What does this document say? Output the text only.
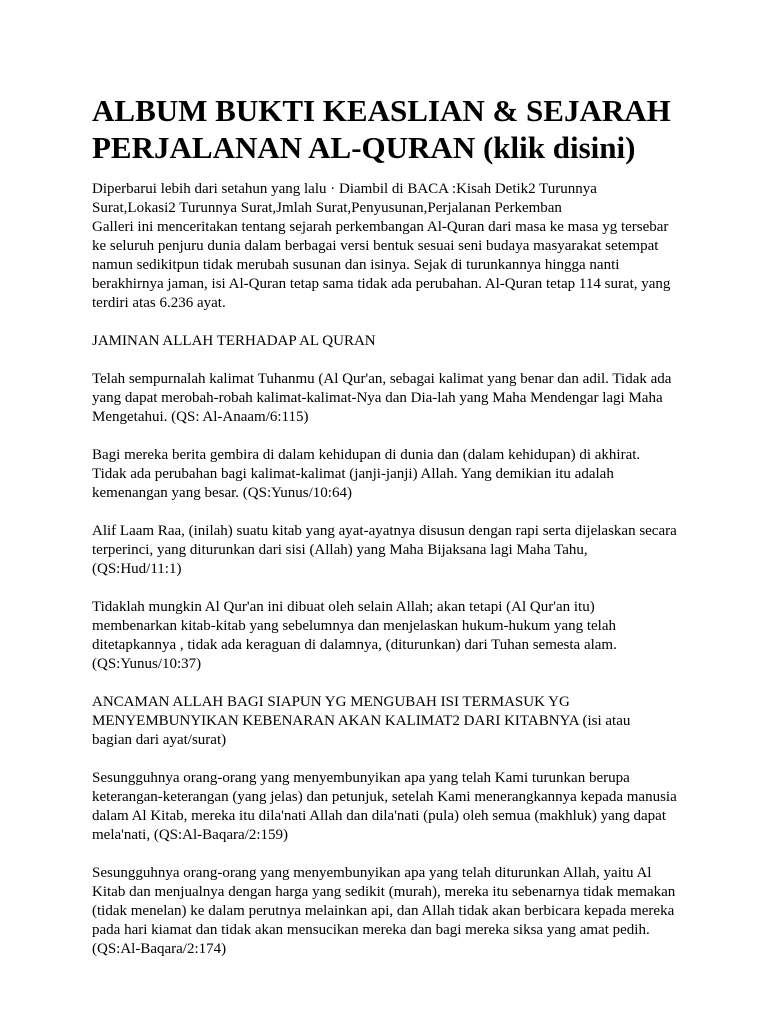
ALBUM BUKTI KEASLIAN & SEJARAH
PERJALANAN AL-QURAN (klik disini)

Diperbarui lebih dari setahun yang lalu · Diambil di BACA :Kisah Detik2 Turunnya
Surat,Lokasi2 Turunnya Surat,Jmlah Surat,Penyusunan,Perjalanan Perkemban
Galleri ini menceritakan tentang sejarah perkembangan Al-Quran dari masa ke masa yg tersebar
ke seluruh penjuru dunia dalam berbagai versi bentuk sesuai seni budaya masyarakat setempat
namun sedikitpun tidak merubah susunan dan isinya. Sejak di turunkannya hingga nanti
berakhirnya jaman, isi Al-Quran tetap sama tidak ada perubahan. Al-Quran tetap 114 surat, yang
terdiri atas 6.236 ayat.

JAMINAN ALLAH TERHADAP AL QURAN

Telah sempurnalah kalimat Tuhanmu (Al Qur'an, sebagai kalimat yang benar dan adil. Tidak ada
yang dapat merobah-robah kalimat-kalimat-Nya dan Dia-lah yang Maha Mendengar lagi Maha
Mengetahui. (QS: Al-Anaam/6:115)

Bagi mereka berita gembira di dalam kehidupan di dunia dan (dalam kehidupan) di akhirat.
Tidak ada perubahan bagi kalimat-kalimat (janji-janji) Allah. Yang demikian itu adalah
kemenangan yang besar. (QS:Yunus/10:64)

Alif Laam Raa, (inilah) suatu kitab yang ayat-ayatnya disusun dengan rapi serta dijelaskan secara
terperinci, yang diturunkan dari sisi (Allah) yang Maha Bijaksana lagi Maha Tahu,
(QS:Hud/11:1)

Tidaklah mungkin Al Qur'an ini dibuat oleh selain Allah; akan tetapi (Al Qur'an itu)
membenarkan kitab-kitab yang sebelumnya dan menjelaskan hukum-hukum yang telah
ditetapkannya , tidak ada keraguan di dalamnya, (diturunkan) dari Tuhan semesta alam.
(QS:Yunus/10:37)

ANCAMAN ALLAH BAGI SIAPUN YG MENGUBAH ISI TERMASUK YG
MENYEMBUNYIKAN KEBENARAN AKAN KALIMAT2 DARI KITABNYA (isi atau
bagian dari ayat/surat)

Sesungguhnya orang-orang yang menyembunyikan apa yang telah Kami turunkan berupa
keterangan-keterangan (yang jelas) dan petunjuk, setelah Kami menerangkannya kepada manusia
dalam Al Kitab, mereka itu dila'nati Allah dan dila'nati (pula) oleh semua (makhluk) yang dapat
mela'nati, (QS:Al-Baqara/2:159)

Sesungguhnya orang-orang yang menyembunyikan apa yang telah diturunkan Allah, yaitu Al
Kitab dan menjualnya dengan harga yang sedikit (murah), mereka itu sebenarnya tidak memakan
(tidak menelan) ke dalam perutnya melainkan api, dan Allah tidak akan berbicara kepada mereka
pada hari kiamat dan tidak akan mensucikan mereka dan bagi mereka siksa yang amat pedih.
(QS:Al-Baqara/2:174)
